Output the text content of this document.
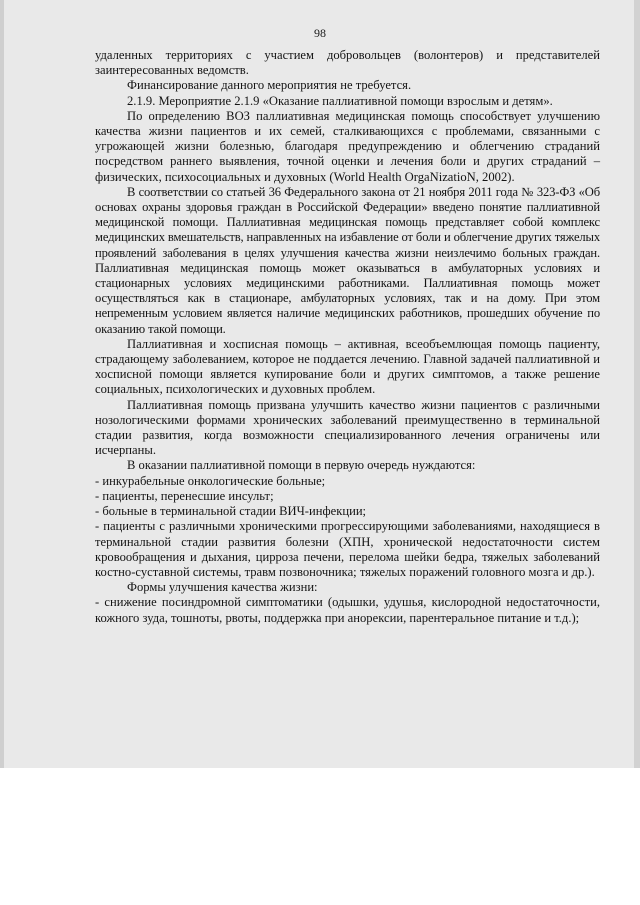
98

удаленных территориях с участием добровольцев (волонтеров) и представителей заинтересованных ведомств.

Финансирование данного мероприятия не требуется.

2.1.9. Мероприятие 2.1.9 «Оказание паллиативной помощи взрослым и детям».

По определению ВОЗ паллиативная медицинская помощь способствует улучшению качества жизни пациентов и их семей, сталкивающихся с проблемами, связанными с угрожающей жизни болезнью, благодаря предупреждению и облегчению страданий посредством раннего выявления, точной оценки и лечения боли и других страданий – физических, психосоциальных и духовных (World Health OrgaNizatioN, 2002).

В соответствии со статьей 36 Федерального закона от 21 ноября 2011 года № 323-ФЗ «Об основах охраны здоровья граждан в Российской Федерации» введено понятие паллиативной медицинской помощи. Паллиативная медицинская помощь представляет собой комплекс медицинских вмешательств, направленных на избавление от боли и облегчение других тяжелых проявлений заболевания в целях улучшения качества жизни неизлечимо больных граждан. Паллиативная медицинская помощь может оказываться в амбулаторных условиях и стационарных условиях медицинскими работниками. Паллиативная помощь может осуществляться как в стационаре, амбулаторных условиях, так и на дому. При этом непременным условием является наличие медицинских работников, прошедших обучение по оказанию такой помощи.

Паллиативная и хосписная помощь – активная, всеобъемлющая помощь пациенту, страдающему заболеванием, которое не поддается лечению. Главной задачей паллиативной и хосписной помощи является купирование боли и других симптомов, а также решение социальных, психологических и духовных проблем.

Паллиативная помощь призвана улучшить качество жизни пациентов с различными нозологическими формами хронических заболеваний преимущественно в терминальной стадии развития, когда возможности специализированного лечения ограничены или исчерпаны.

В оказании паллиативной помощи в первую очередь нуждаются:

- инкурабельные онкологические больные;

- пациенты, перенесшие инсульт;

- больные в терминальной стадии ВИЧ-инфекции;

- пациенты с различными хроническими прогрессирующими заболеваниями, находящиеся в терминальной стадии развития болезни (ХПН, хронической недостаточности систем кровообращения и дыхания, цирроза печени, перелома шейки бедра, тяжелых заболеваний костно-суставной системы, травм позвоночника; тяжелых поражений головного мозга и др.).

Формы улучшения качества жизни:

- снижение посиндромной симптоматики (одышки, удушья, кислородной недостаточности, кожного зуда, тошноты, рвоты, поддержка при анорексии, парентеральное питание и т.д.);
